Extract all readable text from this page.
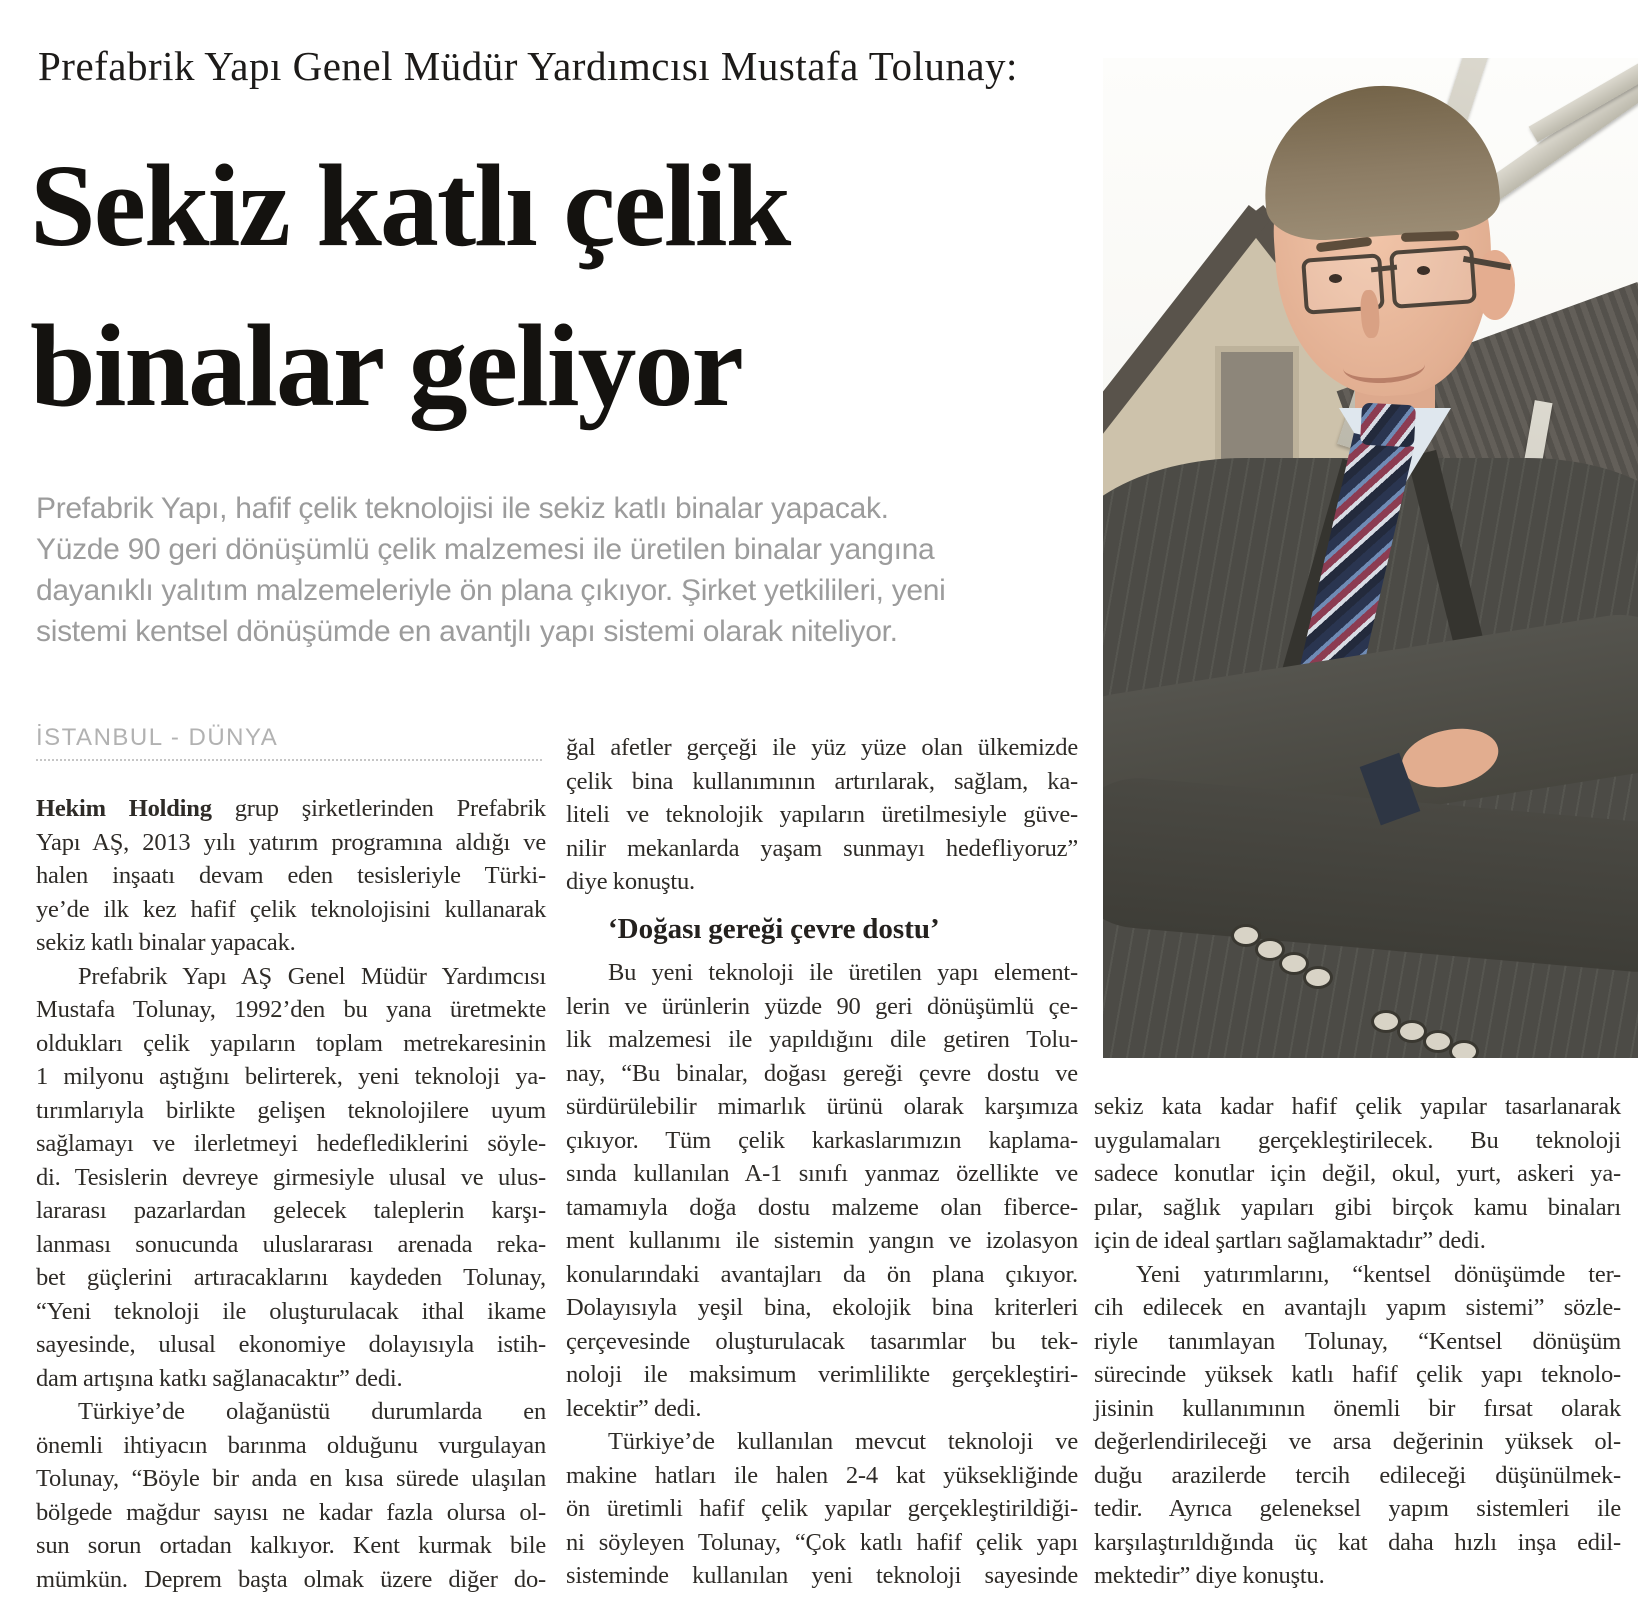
Prefabrik Yapı Genel Müdür Yardımcısı Mustafa Tolunay:
Sekiz katlı çelik
binalar geliyor
Prefabrik Yapı, hafif çelik teknolojisi ile sekiz katlı binalar yapacak.
Yüzde 90 geri dönüşümlü çelik malzemesi ile üretilen binalar yangına
dayanıklı yalıtım malzemeleriyle ön plana çıkıyor. Şirket yetkilileri, yeni
sistemi kentsel dönüşümde en avantjlı yapı sistemi olarak niteliyor.
İSTANBUL - DÜNYA
Hekim Holding grup şirketlerinden Prefabrik
Yapı AŞ, 2013 yılı yatırım programına aldığı ve
halen inşaatı devam eden tesisleriyle Türki-
ye’de ilk kez hafif çelik teknolojisini kullanarak
sekiz katlı binalar yapacak.
Prefabrik Yapı AŞ Genel Müdür Yardımcısı
Mustafa Tolunay, 1992’den bu yana üretmekte
oldukları çelik yapıların toplam metrekaresinin
1 milyonu aştığını belirterek, yeni teknoloji ya-
tırımlarıyla birlikte gelişen teknolojilere uyum
sağlamayı ve ilerletmeyi hedeflediklerini söyle-
di. Tesislerin devreye girmesiyle ulusal ve ulus-
lararası pazarlardan gelecek taleplerin karşı-
lanması sonucunda uluslararası arenada reka-
bet güçlerini artıracaklarını kaydeden Tolunay,
“Yeni teknoloji ile oluşturulacak ithal ikame
sayesinde, ulusal ekonomiye dolayısıyla istih-
dam artışına katkı sağlanacaktır” dedi.
Türkiye’de olağanüstü durumlarda en
önemli ihtiyacın barınma olduğunu vurgulayan
Tolunay, “Böyle bir anda en kısa sürede ulaşılan
bölgede mağdur sayısı ne kadar fazla olursa ol-
sun sorun ortadan kalkıyor. Kent kurmak bile
mümkün. Deprem başta olmak üzere diğer do-
ğal afetler gerçeği ile yüz yüze olan ülkemizde
çelik bina kullanımının artırılarak, sağlam, ka-
liteli ve teknolojik yapıların üretilmesiyle güve-
nilir mekanlarda yaşam sunmayı hedefliyoruz”
diye konuştu.
‘Doğası gereği çevre dostu’
Bu yeni teknoloji ile üretilen yapı element-
lerin ve ürünlerin yüzde 90 geri dönüşümlü çe-
lik malzemesi ile yapıldığını dile getiren Tolu-
nay, “Bu binalar, doğası gereği çevre dostu ve
sürdürülebilir mimarlık ürünü olarak karşımıza
çıkıyor. Tüm çelik karkaslarımızın kaplama-
sında kullanılan A-1 sınıfı yanmaz özellikte ve
tamamıyla doğa dostu malzeme olan fiberce-
ment kullanımı ile sistemin yangın ve izolasyon
konularındaki avantajları da ön plana çıkıyor.
Dolayısıyla yeşil bina, ekolojik bina kriterleri
çerçevesinde oluşturulacak tasarımlar bu tek-
noloji ile maksimum verimlilikte gerçekleştiri-
lecektir” dedi.
Türkiye’de kullanılan mevcut teknoloji ve
makine hatları ile halen 2-4 kat yüksekliğinde
ön üretimli hafif çelik yapılar gerçekleştirildiği-
ni söyleyen Tolunay, “Çok katlı hafif çelik yapı
sisteminde kullanılan yeni teknoloji sayesinde
sekiz kata kadar hafif çelik yapılar tasarlanarak
uygulamaları gerçekleştirilecek. Bu teknoloji
sadece konutlar için değil, okul, yurt, askeri ya-
pılar, sağlık yapıları gibi birçok kamu binaları
için de ideal şartları sağlamaktadır” dedi.
Yeni yatırımlarını, “kentsel dönüşümde ter-
cih edilecek en avantajlı yapım sistemi” sözle-
riyle tanımlayan Tolunay, “Kentsel dönüşüm
sürecinde yüksek katlı hafif çelik yapı teknolo-
jisinin kullanımının önemli bir fırsat olarak
değerlendirileceği ve arsa değerinin yüksek ol-
duğu arazilerde tercih edileceği düşünülmek-
tedir. Ayrıca geleneksel yapım sistemleri ile
karşılaştırıldığında üç kat daha hızlı inşa edil-
mektedir” diye konuştu.
